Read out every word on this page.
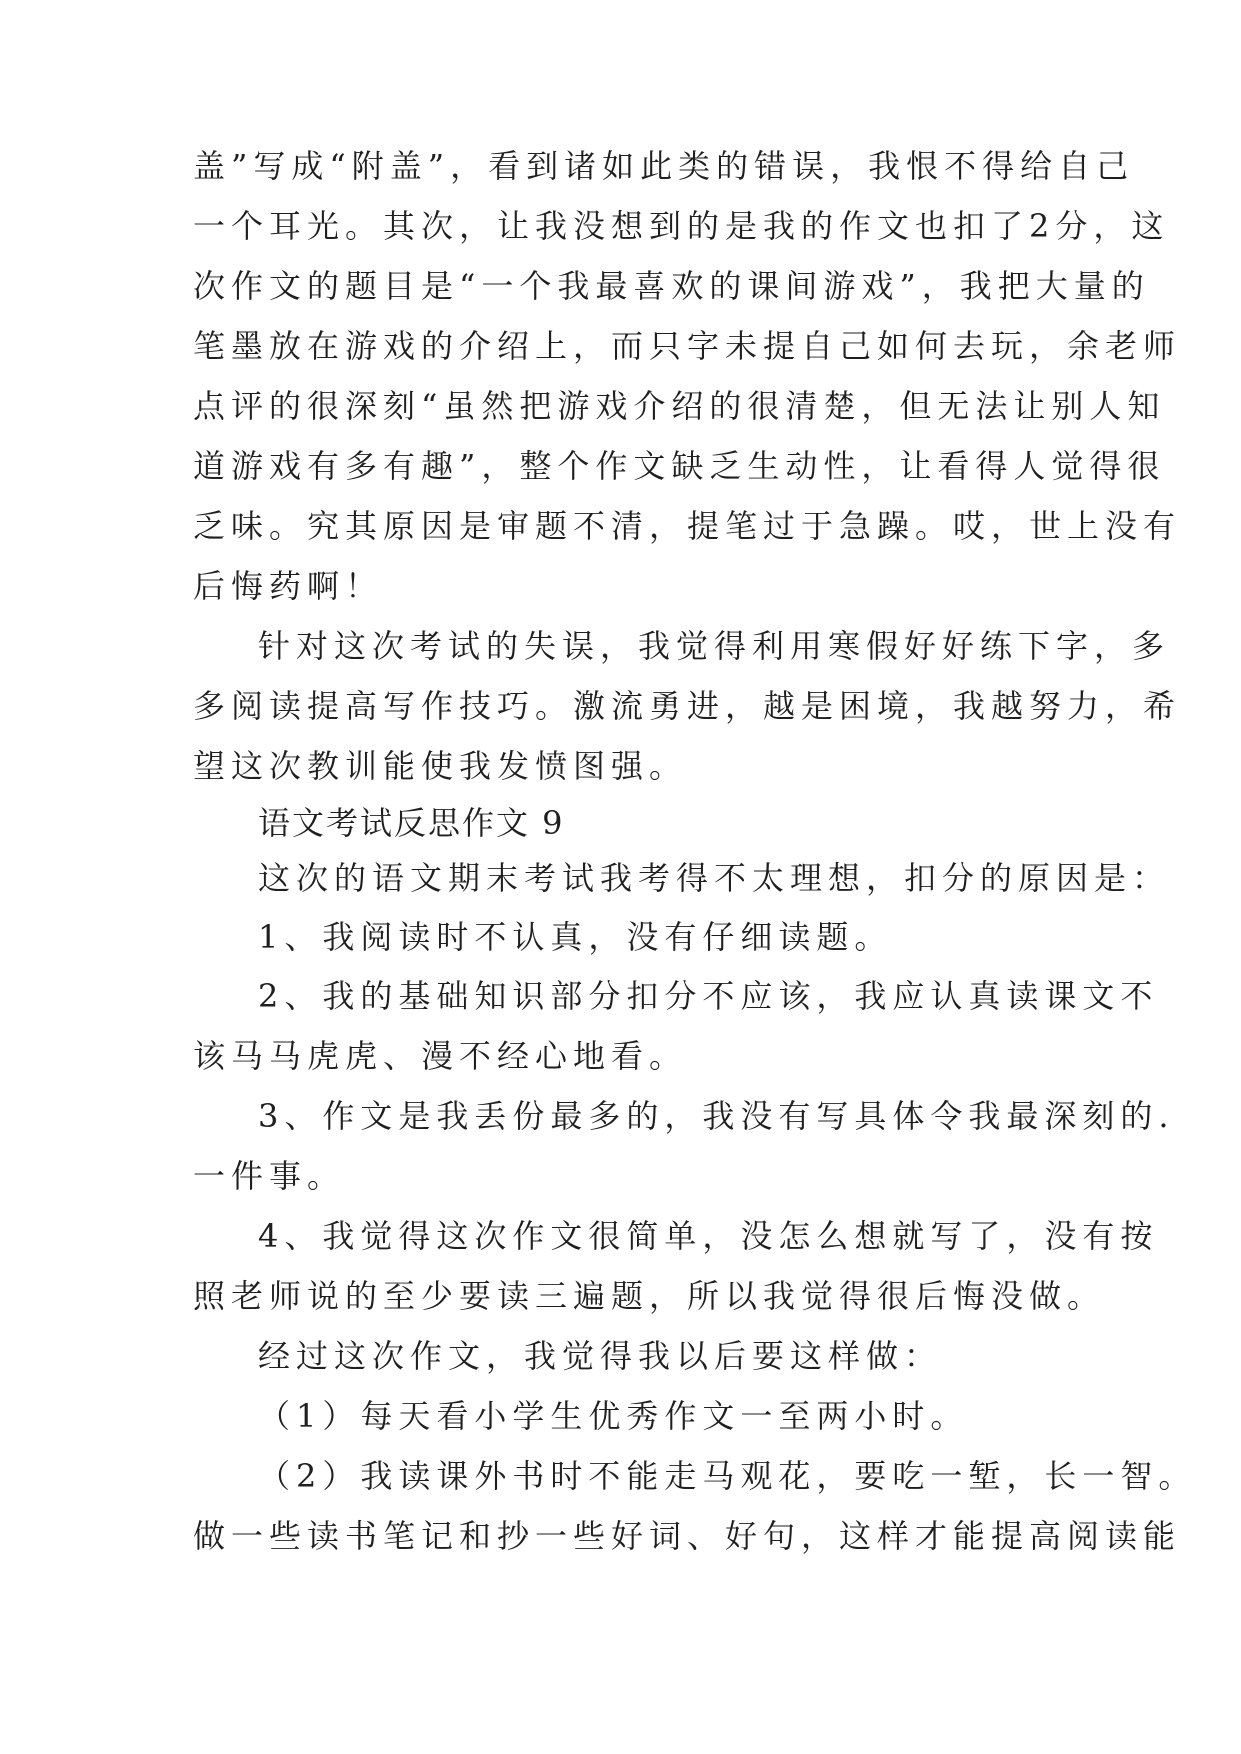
盖”写成“附盖”，看到诸如此类的错误，我恨不得给自己
一个耳光。其次，让我没想到的是我的作文也扣了2分，这
次作文的题目是“一个我最喜欢的课间游戏”，我把大量的
笔墨放在游戏的介绍上，而只字未提自己如何去玩，余老师
点评的很深刻“虽然把游戏介绍的很清楚，但无法让别人知
道游戏有多有趣”，整个作文缺乏生动性，让看得人觉得很
乏味。究其原因是审题不清，提笔过于急躁。哎，世上没有
后悔药啊！
针对这次考试的失误，我觉得利用寒假好好练下字，多
多阅读提高写作技巧。激流勇进，越是困境，我越努力，希
望这次教训能使我发愤图强。
语文考试反思作文 9
这次的语文期末考试我考得不太理想，扣分的原因是：
1、我阅读时不认真，没有仔细读题。
2、我的基础知识部分扣分不应该，我应认真读课文不
该马马虎虎、漫不经心地看。
3、作文是我丢份最多的，我没有写具体令我最深刻的.
一件事。
4、我觉得这次作文很简单，没怎么想就写了，没有按
照老师说的至少要读三遍题，所以我觉得很后悔没做。
经过这次作文，我觉得我以后要这样做：
（1）每天看小学生优秀作文一至两小时。
（2）我读课外书时不能走马观花，要吃一堑，长一智。
做一些读书笔记和抄一些好词、好句，这样才能提高阅读能
